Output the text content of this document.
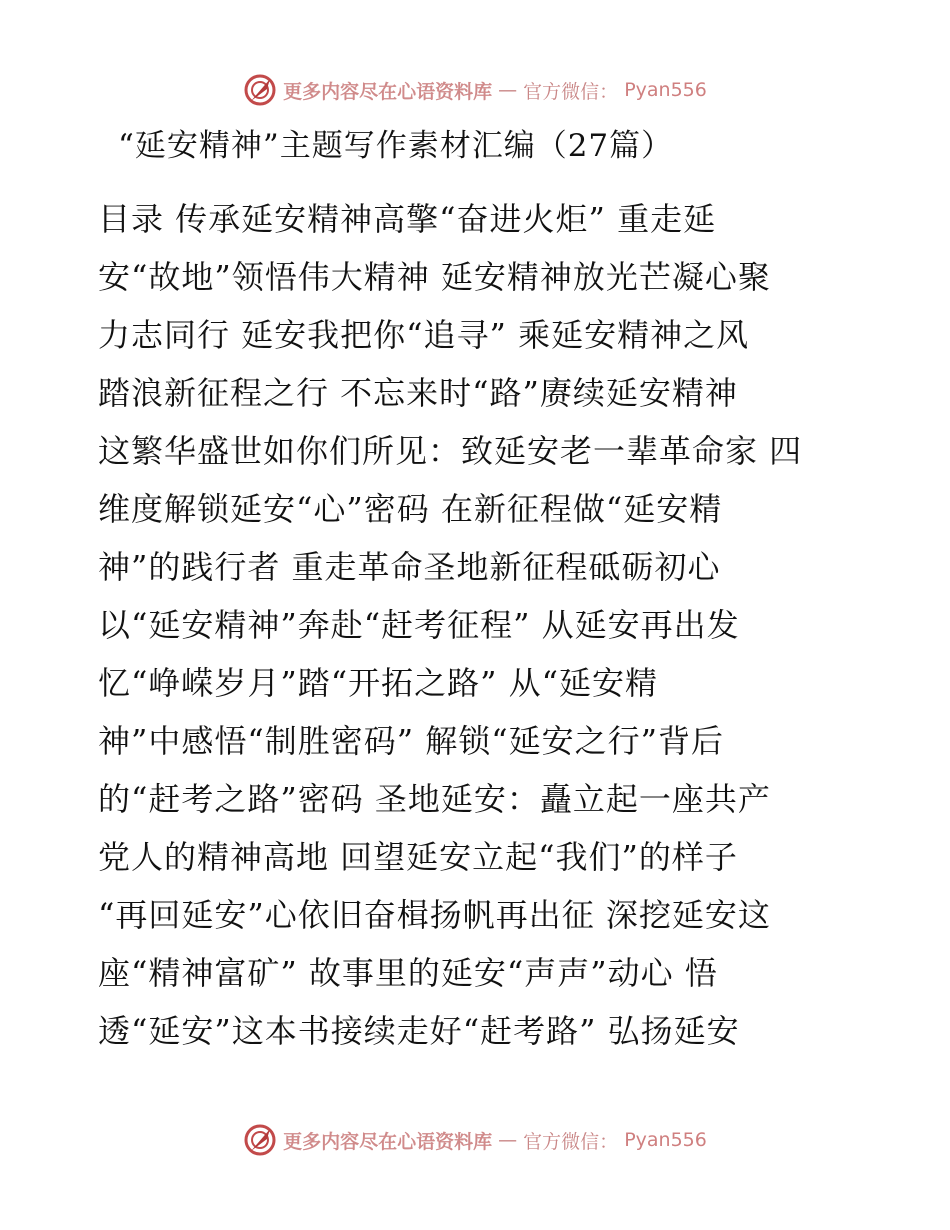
更多内容尽在心语资料库 — 官方微信： Pyan556
“延安精神”主题写作素材汇编（27篇）
目录 传承延安精神高擎“奋进火炬” 重走延
安“故地”领悟伟大精神 延安精神放光芒凝心聚
力志同行 延安我把你“追寻” 乘延安精神之风
踏浪新征程之行 不忘来时“路”赓续延安精神
这繁华盛世如你们所见：致延安老一辈革命家 四
维度解锁延安“心”密码 在新征程做“延安精
神”的践行者 重走革命圣地新征程砥砺初心
以“延安精神”奔赴“赶考征程” 从延安再出发
忆“峥嵘岁月”踏“开拓之路” 从“延安精
神”中感悟“制胜密码” 解锁“延安之行”背后
的“赶考之路”密码 圣地延安：矗立起一座共产
党人的精神高地 回望延安立起“我们”的样子
“再回延安”心依旧奋楫扬帆再出征 深挖延安这
座“精神富矿” 故事里的延安“声声”动心 悟
透“延安”这本书接续走好“赶考路” 弘扬延安
更多内容尽在心语资料库 — 官方微信： Pyan556
